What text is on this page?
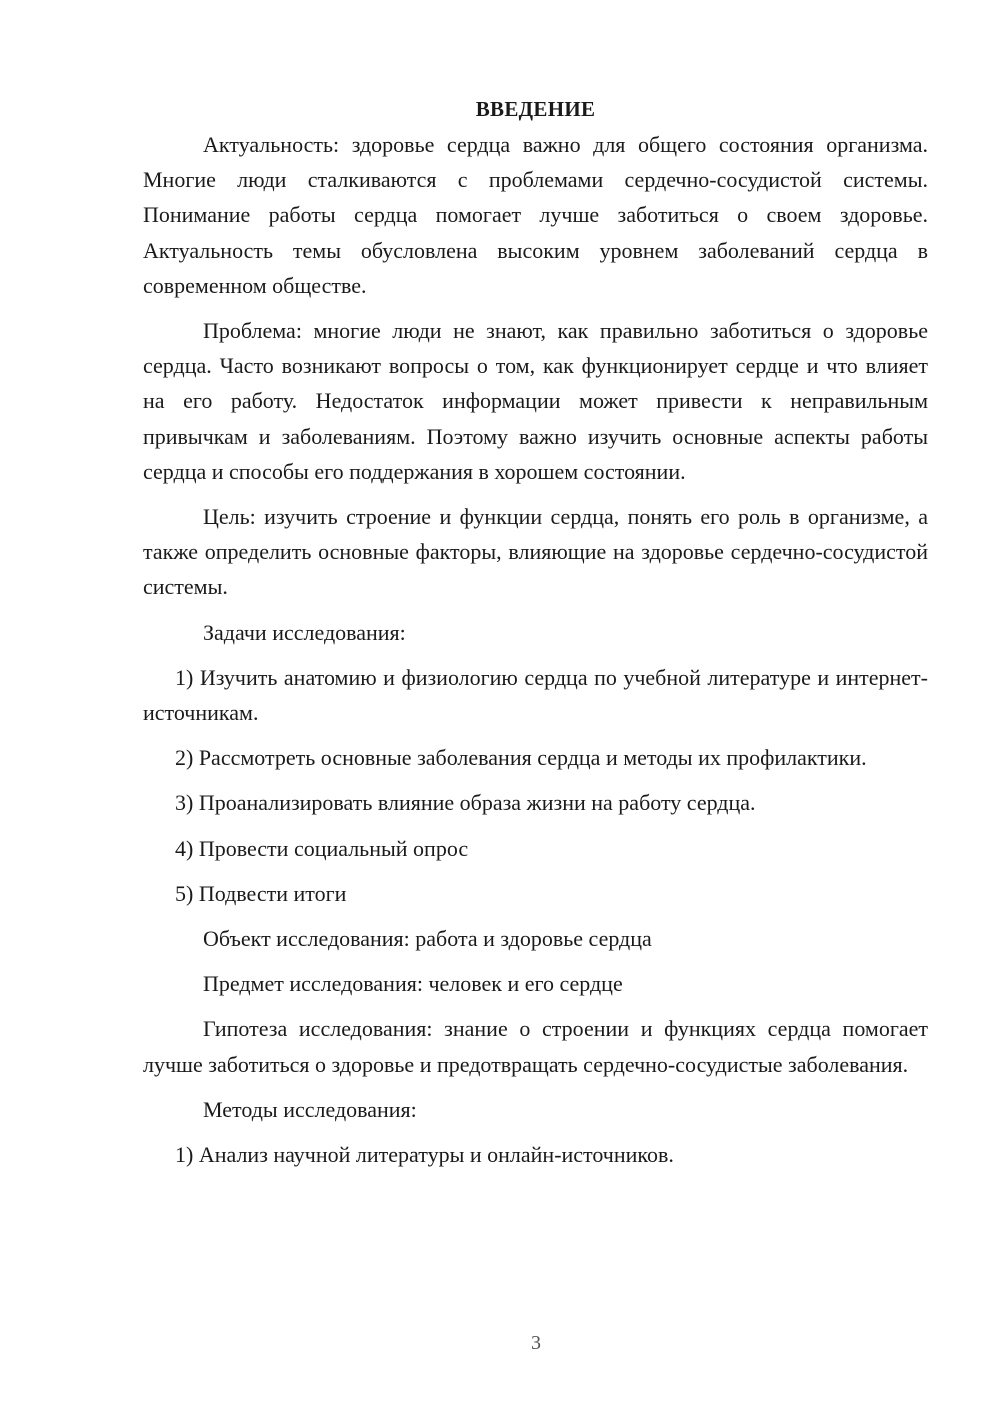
ВВЕДЕНИЕ

Актуальность: здоровье сердца важно для общего состояния организма. Многие люди сталкиваются с проблемами сердечно-сосудистой системы. Понимание работы сердца помогает лучше заботиться о своем здоровье. Актуальность темы обусловлена высоким уровнем заболеваний сердца в современном обществе.

Проблема: многие люди не знают, как правильно заботиться о здоровье сердца. Часто возникают вопросы о том, как функционирует сердце и что влияет на его работу. Недостаток информации может привести к неправильным привычкам и заболеваниям. Поэтому важно изучить основные аспекты работы сердца и способы его поддержания в хорошем состоянии.

Цель: изучить строение и функции сердца, понять его роль в организме, а также определить основные факторы, влияющие на здоровье сердечно-сосудистой системы.

Задачи исследования:

1) Изучить анатомию и физиологию сердца по учебной литературе и интернет-источникам.

2) Рассмотреть основные заболевания сердца и методы их профилактики.

3) Проанализировать влияние образа жизни на работу сердца.

4) Провести социальный опрос

5) Подвести итоги

Объект исследования: работа и здоровье сердца

Предмет исследования: человек и его сердце

Гипотеза исследования: знание о строении и функциях сердца помогает лучше заботиться о здоровье и предотвращать сердечно-сосудистые заболевания.

Методы исследования:

1) Анализ научной литературы и онлайн-источников.

3
